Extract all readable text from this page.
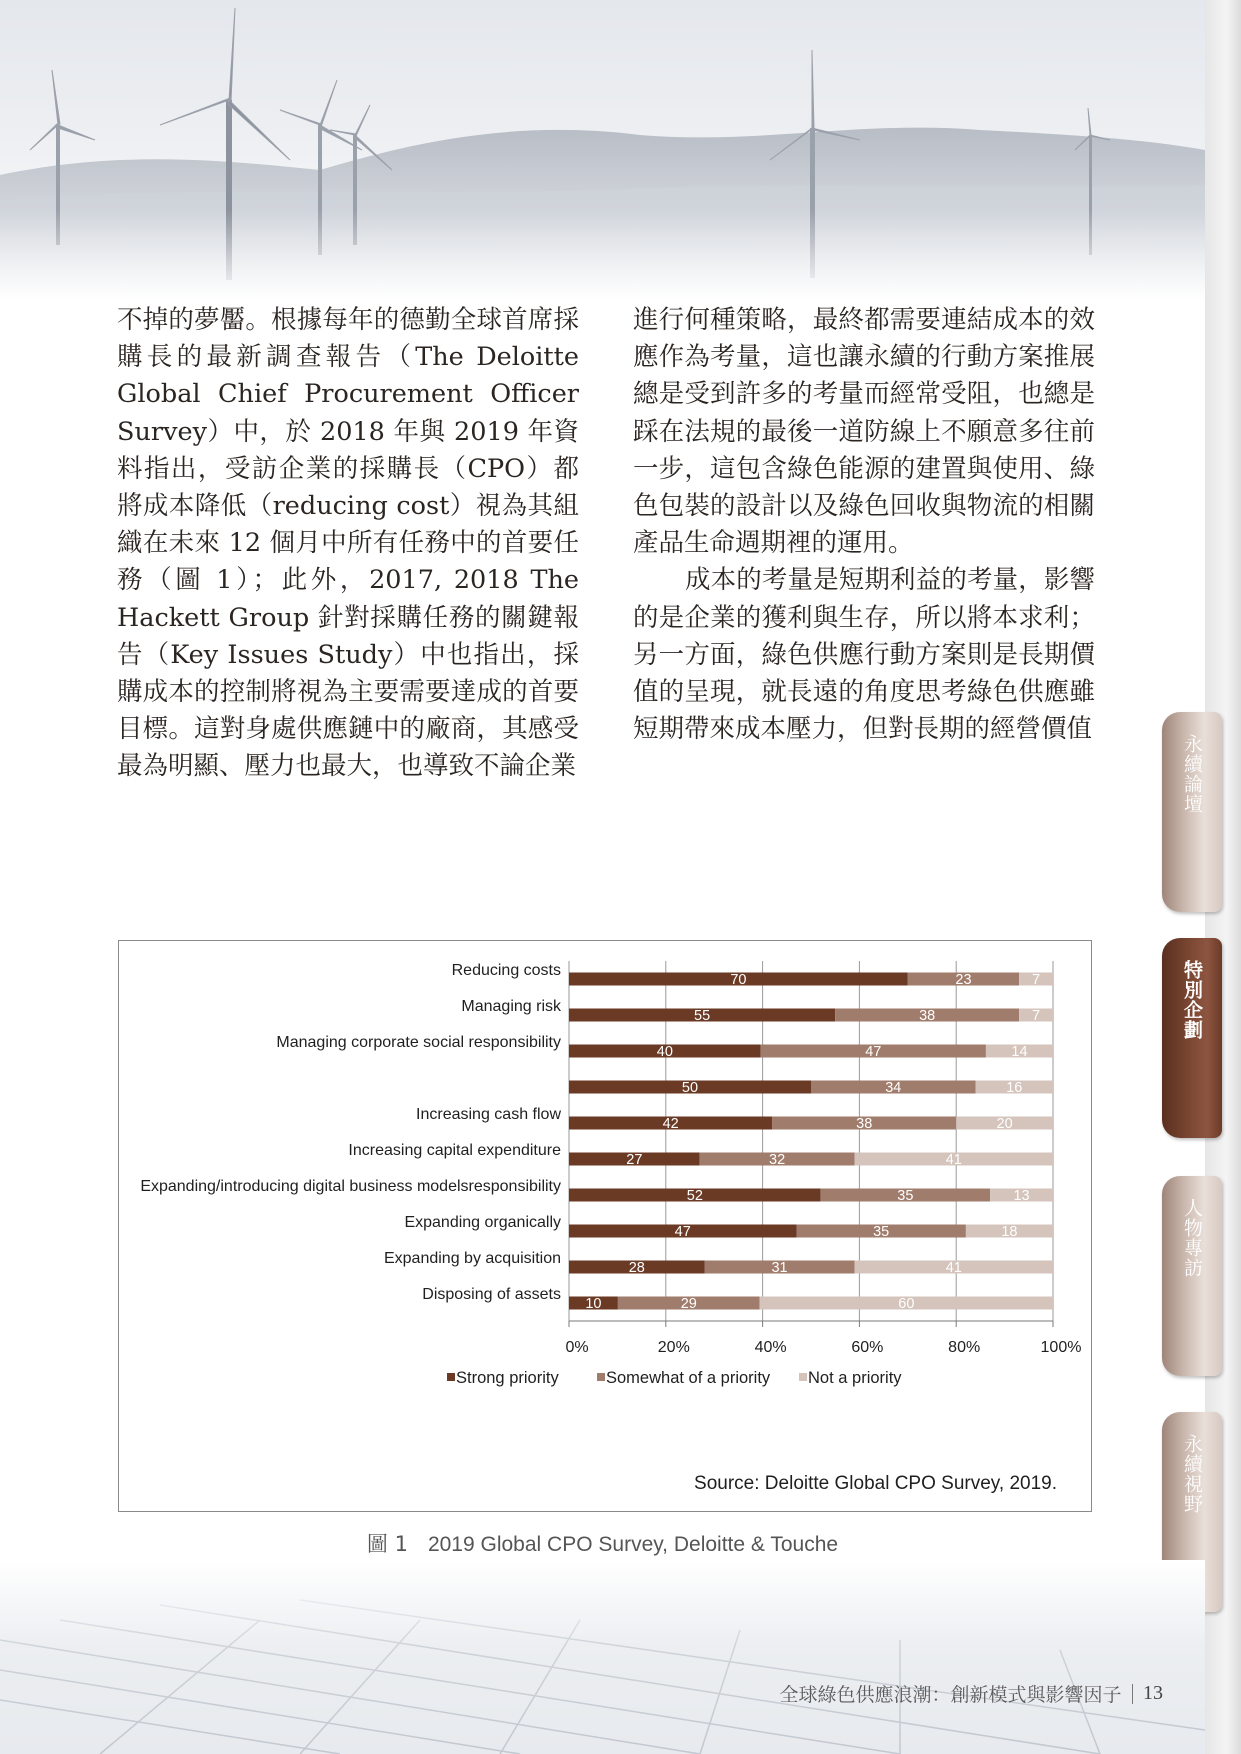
不掉的夢靨。根據每年的德勤全球首席採購長的最新調查報告（The Deloitte Global Chief Procurement Officer Survey）中，於 2018 年與 2019 年資料指出，受訪企業的採購長（CPO）都將成本降低（reducing cost）視為其組織在未來 12 個月中所有任務中的首要任務（圖 1）；此外，2017, 2018 The Hackett Group 針對採購任務的關鍵報告（Key Issues Study）中也指出，採購成本的控制將視為主要需要達成的首要目標。這對身處供應鏈中的廠商，其感受最為明顯、壓力也最大，也導致不論企業

進行何種策略，最終都需要連結成本的效應作為考量，這也讓永續的行動方案推展總是受到許多的考量而經常受阻，也總是踩在法規的最後一道防線上不願意多往前一步，這包含綠色能源的建置與使用、綠色包裝的設計以及綠色回收與物流的相關產品生命週期裡的運用。

成本的考量是短期利益的考量，影響的是企業的獲利與生存，所以將本求利；另一方面，綠色供應行動方案則是長期價值的呈現，就長遠的角度思考綠色供應雖短期帶來成本壓力，但對長期的經營價值

0%	20%	40%	60%	80%	100%
Reducing costs
70	23	7
Managing risk
55	38	7
Managing corporate social responsibility
40	47	14
50	34	16
Increasing cash flow
42	38	20
Increasing capital expenditure
27	32	41
Expanding/introducing digital business modelsresponsibility
52	35	13
Expanding organically
47	35	18
Expanding by acquisition
28	31	41
Disposing of assets
10	29	60
Strong priority	Somewhat of a priority Not a priority
Source: Deloitte Global CPO Survey, 2019.
圖 1 2019 Global CPO Survey, Deloitte & Touche
永續論壇
特別企劃
人物專訪
永續視野
全球綠色供應浪潮：創新模式與影響因子 13
